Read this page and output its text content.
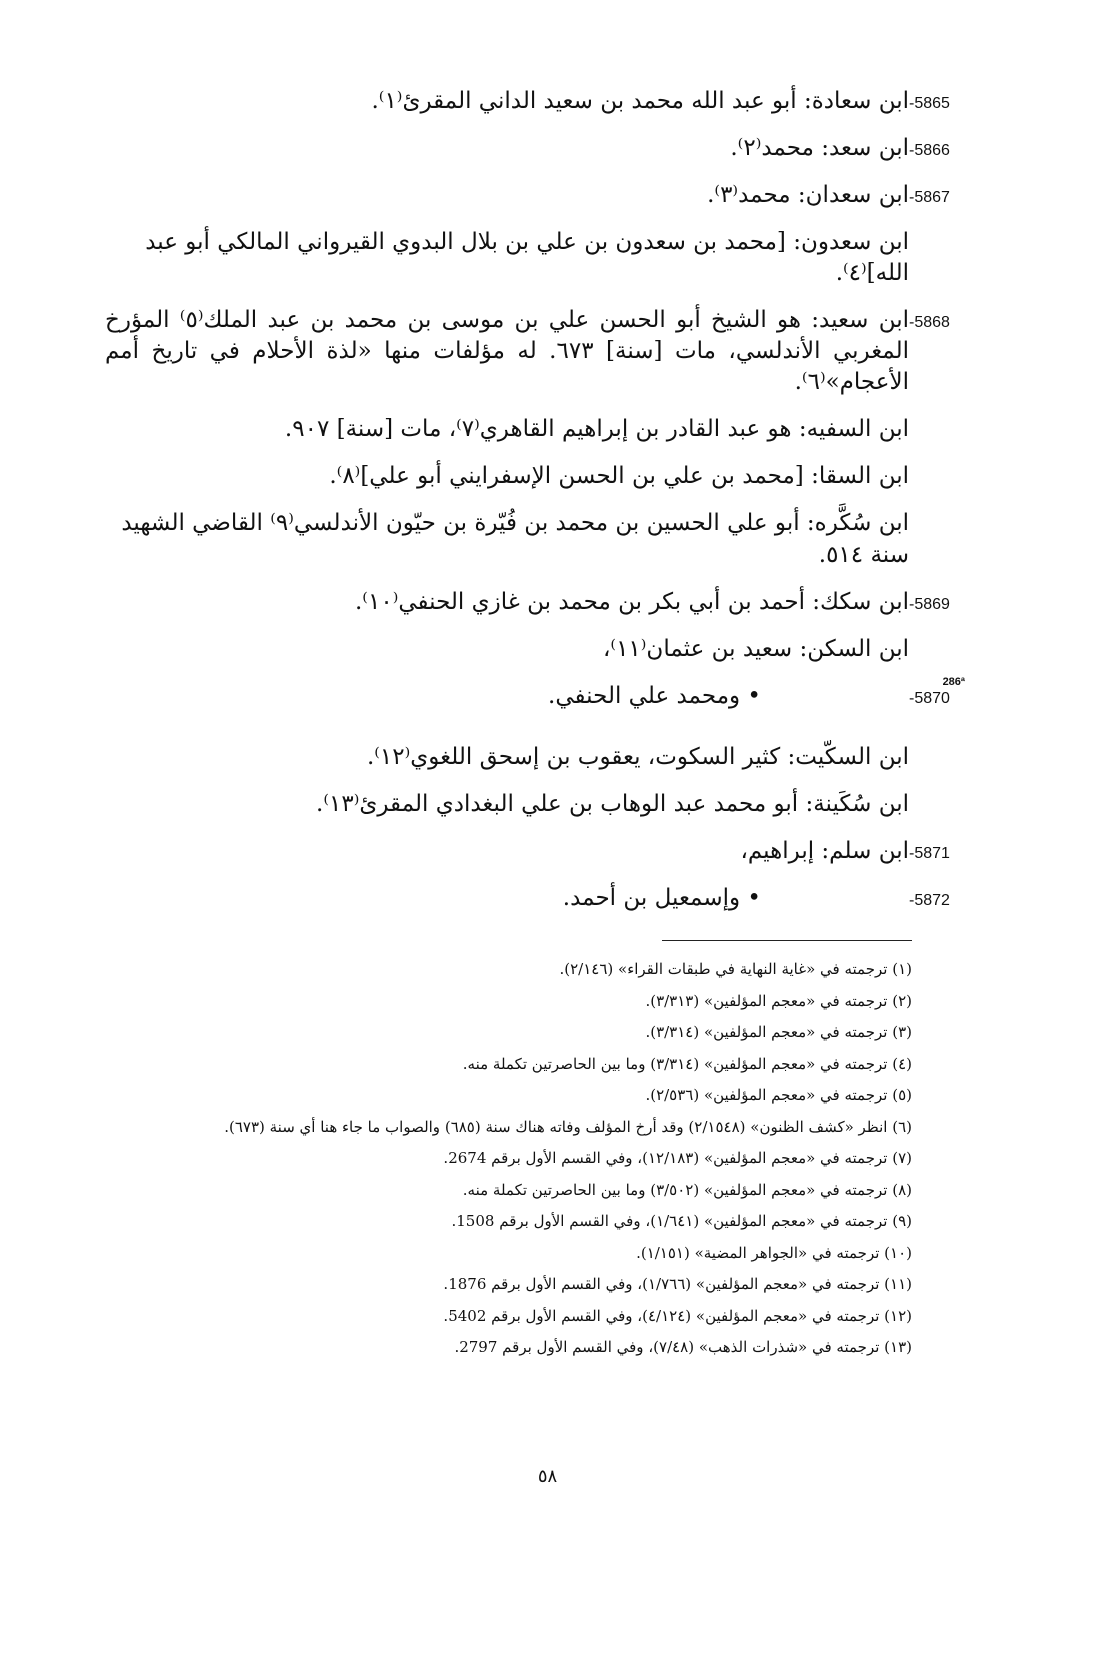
-5865
ابن سعادة: أبو عبد الله محمد بن سعيد الداني المقرئ⁽١⁾.
-5866
ابن سعد: محمد⁽٢⁾.
-5867
ابن سعدان: محمد⁽٣⁾.
ابن سعدون: [محمد بن سعدون بن علي بن بلال البدوي القيرواني المالكي أبو عبد الله]⁽٤⁾.
-5868
ابن سعيد: هو الشيخ أبو الحسن علي بن موسى بن محمد بن عبد الملك⁽٥⁾ المؤرخ المغربي الأندلسي، مات [سنة] ٦٧٣. له مؤلفات منها «لذة الأحلام في تاريخ أمم الأعجام»⁽٦⁾.
ابن السفيه: هو عبد القادر بن إبراهيم القاهري⁽٧⁾، مات [سنة] ٩٠٧.
ابن السقا: [محمد بن علي بن الحسن الإسفرايني أبو علي]⁽٨⁾.
ابن سُكَّره: أبو علي الحسين بن محمد بن فُيّرة بن حيّون الأندلسي⁽٩⁾ القاضي الشهيد سنة ٥١٤.
-5869
ابن سكك: أحمد بن أبي بكر بن محمد بن غازي الحنفي⁽١٠⁾.
ابن السكن: سعيد بن عثمان⁽١١⁾،
-5870
• ومحمد علي الحنفي.
ابن السكّيت: كثير السكوت، يعقوب بن إسحق اللغوي⁽١٢⁾.
ابن سُكَينة: أبو محمد عبد الوهاب بن علي البغدادي المقرئ⁽١٣⁾.
-5871
ابن سلم: إبراهيم،
-5872
• وإسمعيل بن أحمد.
286ª
(١) ترجمته في «غاية النهاية في طبقات القراء» (٢/١٤٦).
(٢) ترجمته في «معجم المؤلفين» (٣/٣١٣).
(٣) ترجمته في «معجم المؤلفين» (٣/٣١٤).
(٤) ترجمته في «معجم المؤلفين» (٣/٣١٤) وما بين الحاصرتين تكملة منه.
(٥) ترجمته في «معجم المؤلفين» (٢/٥٣٦).
(٦) انظر «كشف الظنون» (٢/١٥٤٨) وقد أرخ المؤلف وفاته هناك سنة (٦٨٥) والصواب ما جاء هنا أي سنة (٦٧٣).
(٧) ترجمته في «معجم المؤلفين» (١٢/١٨٣)، وفي القسم الأول برقم 2674.
(٨) ترجمته في «معجم المؤلفين» (٣/٥٠٢) وما بين الحاصرتين تكملة منه.
(٩) ترجمته في «معجم المؤلفين» (١/٦٤١)، وفي القسم الأول برقم 1508.
(١٠) ترجمته في «الجواهر المضية» (١/١٥١).
(١١) ترجمته في «معجم المؤلفين» (١/٧٦٦)، وفي القسم الأول برقم 1876.
(١٢) ترجمته في «معجم المؤلفين» (٤/١٢٤)، وفي القسم الأول برقم 5402.
(١٣) ترجمته في «شذرات الذهب» (٧/٤٨)، وفي القسم الأول برقم 2797.
٥٨
